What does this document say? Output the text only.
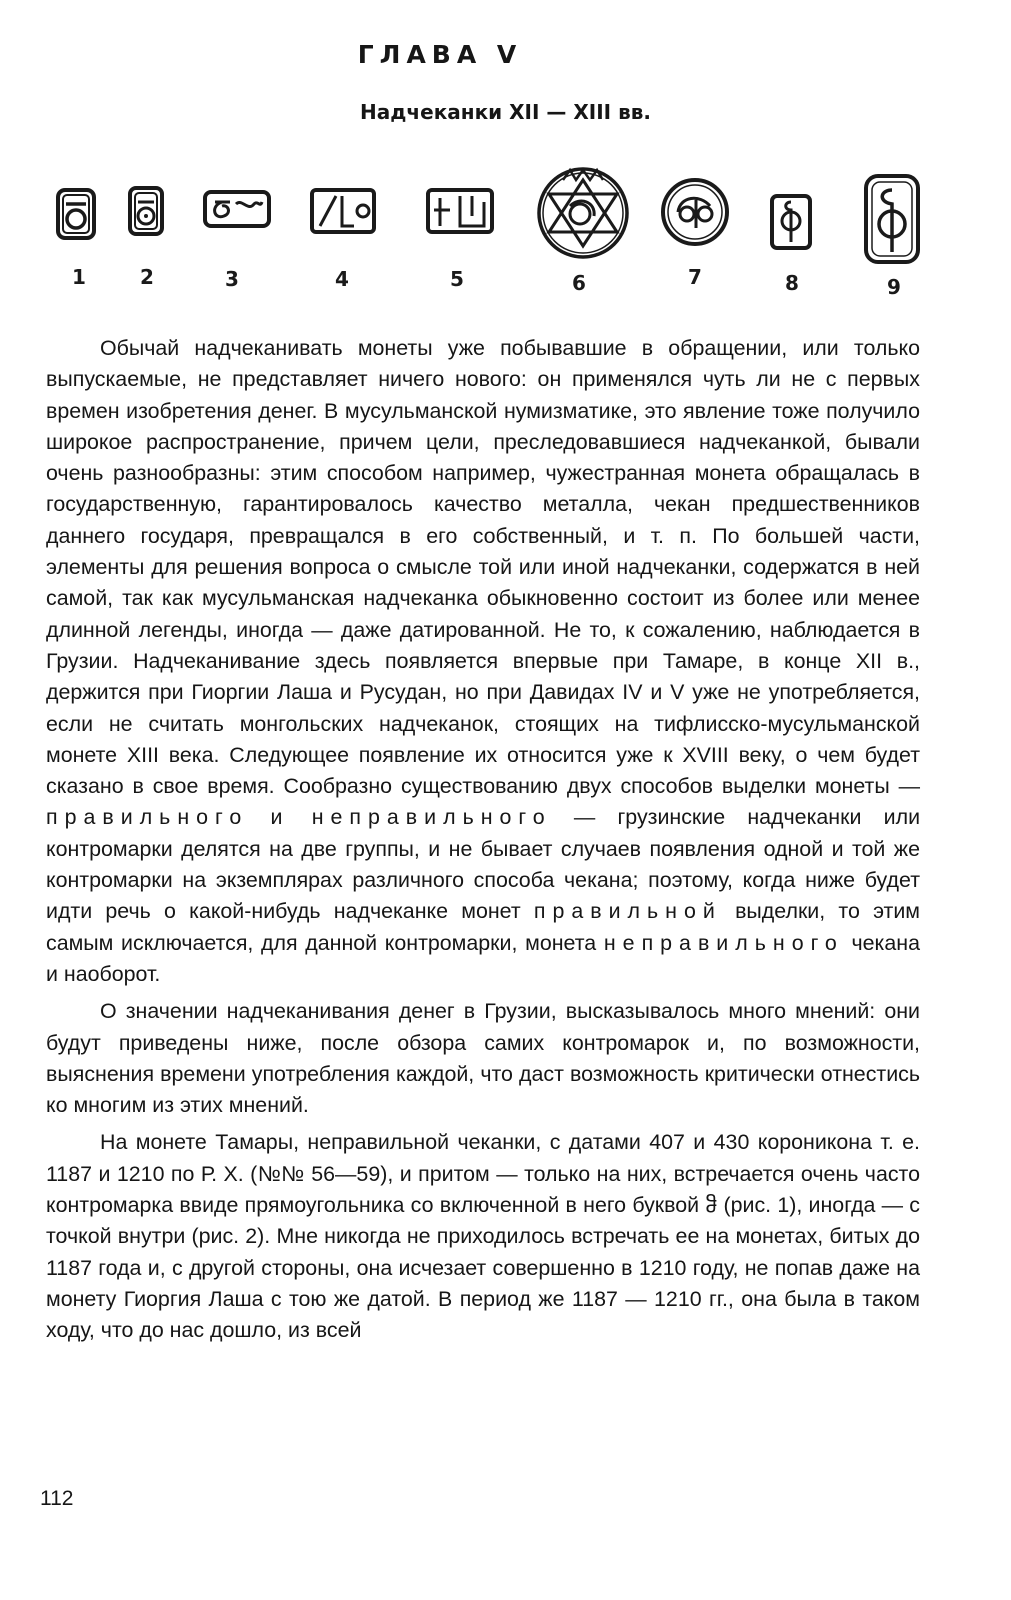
ГЛАВА V
Надчеканки XII — XIII вв.
1	2	3	4	5	6	7	8	9

Обычай надчеканивать монеты уже побывавшие в обращении, или только выпускаемые, не представляет ничего нового: он применялся чуть ли не с первых времен изобретения денег. В мусульманской нумизматике, это явление тоже получило широкое распространение, причем цели, преследовавшиеся надчеканкой, бывали очень разнообразны: этим способом например, чужестранная монета обращалась в государственную, гарантировалось качество металла, чекан предшественников даннего государя, превращался в его собственный, и т. п. По большей части, элементы для решения вопроса о смысле той или иной надчеканки, содержатся в ней самой, так как мусульманская надчеканка обыкновенно состоит из более или менее длинной легенды, иногда — даже датированной. Не то, к сожалению, наблюдается в Грузии. Надчеканивание здесь появляется впервые при Тамаре, в конце XII в., держится при Гиоргии Лаша и Русудан, но при Давидах IV и V уже не употребляется, если не считать монгольских надчеканок, стоящих на тифлисско-мусульманской монете XIII века. Следующее появление их относится уже к XVIII веку, о чем будет сказано в свое время. Сообразно существованию двух способов выделки монеты — правильного и неправильного — грузинские надчеканки или контромарки делятся на две группы, и не бывает случаев появления одной и той же контромарки на экземплярах различного способа чекана; поэтому, когда ниже будет идти речь о какой-нибудь надчеканке монет правильной выделки, то этим самым исключается, для данной контромарки, монета неправильного чекана и наоборот.

О значении надчеканивания денег в Грузии, высказывалось много мнений: они будут приведены ниже, после обзора самих контромарок и, по возможности, выяснения времени употребления каждой, что даст возможность критически отнестись ко многим из этих мнений.

На монете Тамары, неправильной чеканки, с датами 407 и 430 короникона т. е. 1187 и 1210 по Р. Х. (№№ 56—59), и притом — только на них, встречается очень часто контромарка ввиде прямоугольника со включенной в него буквой ჵ (рис. 1), иногда — с точкой внутри (рис. 2). Мне никогда не приходилось встречать ее на монетах, битых до 1187 года и, с другой стороны, она исчезает совершенно в 1210 году, не попав даже на монету Гиоргия Лаша с тою же датой. В период же 1187 — 1210 гг., она была в таком ходу, что до нас дошло, из всей

112
